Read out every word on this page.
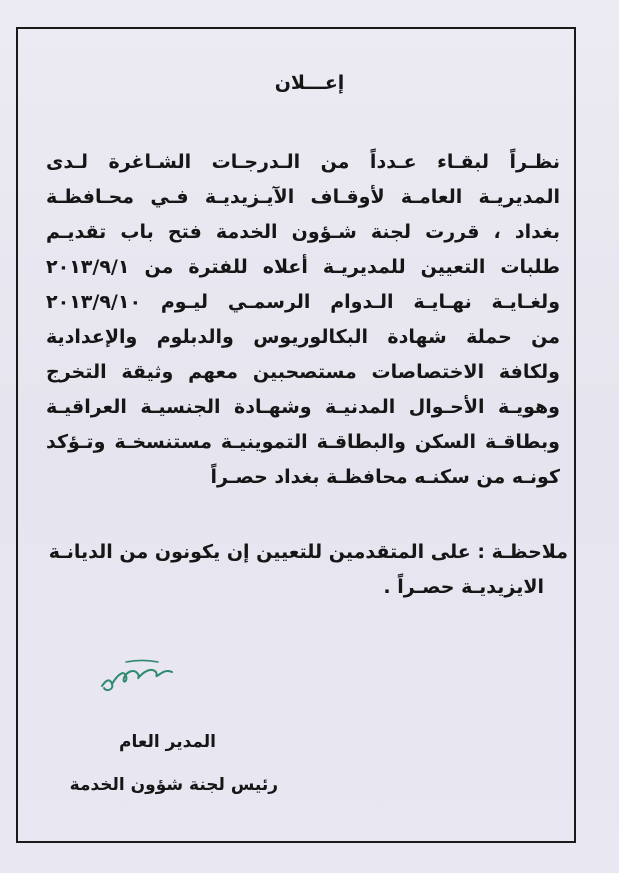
إعـــلان
نظـراً لبقـاء عـدداً من الـدرجـات الشـاغرة لـدى
المديريـة العامـة لأوقـاف الآيـزيديـة فـي محـافظـة
بغداد ، قررت لجنة شـؤون الخدمة فتح باب تقديـم
طلبات التعيين للمديريـة أعلاه للفترة من ٢٠١٣/٩/١
ولغـايـة نهـايـة الـدوام الرسمـي ليـوم ٢٠١٣/٩/١٠
من حملة شهادة البكالوريوس والدبلوم والإعدادية
ولكافة الاختصاصات مستصحبين معهم وثيقة التخرج
وهويـة الأحـوال المدنيـة وشهـادة الجنسيـة العراقيـة
وبطاقـة السكن والبطاقـة التموينيـة مستنسخـة وتـؤكد
كونـه من سكنـه محافظـة بغداد حصـراً
ملاحظـة : على المتقدمين للتعيين إن يكونون من الديانـة
الايزيديـة حصـراً .
المدير العام
رئيس لجنة شؤون الخدمة
